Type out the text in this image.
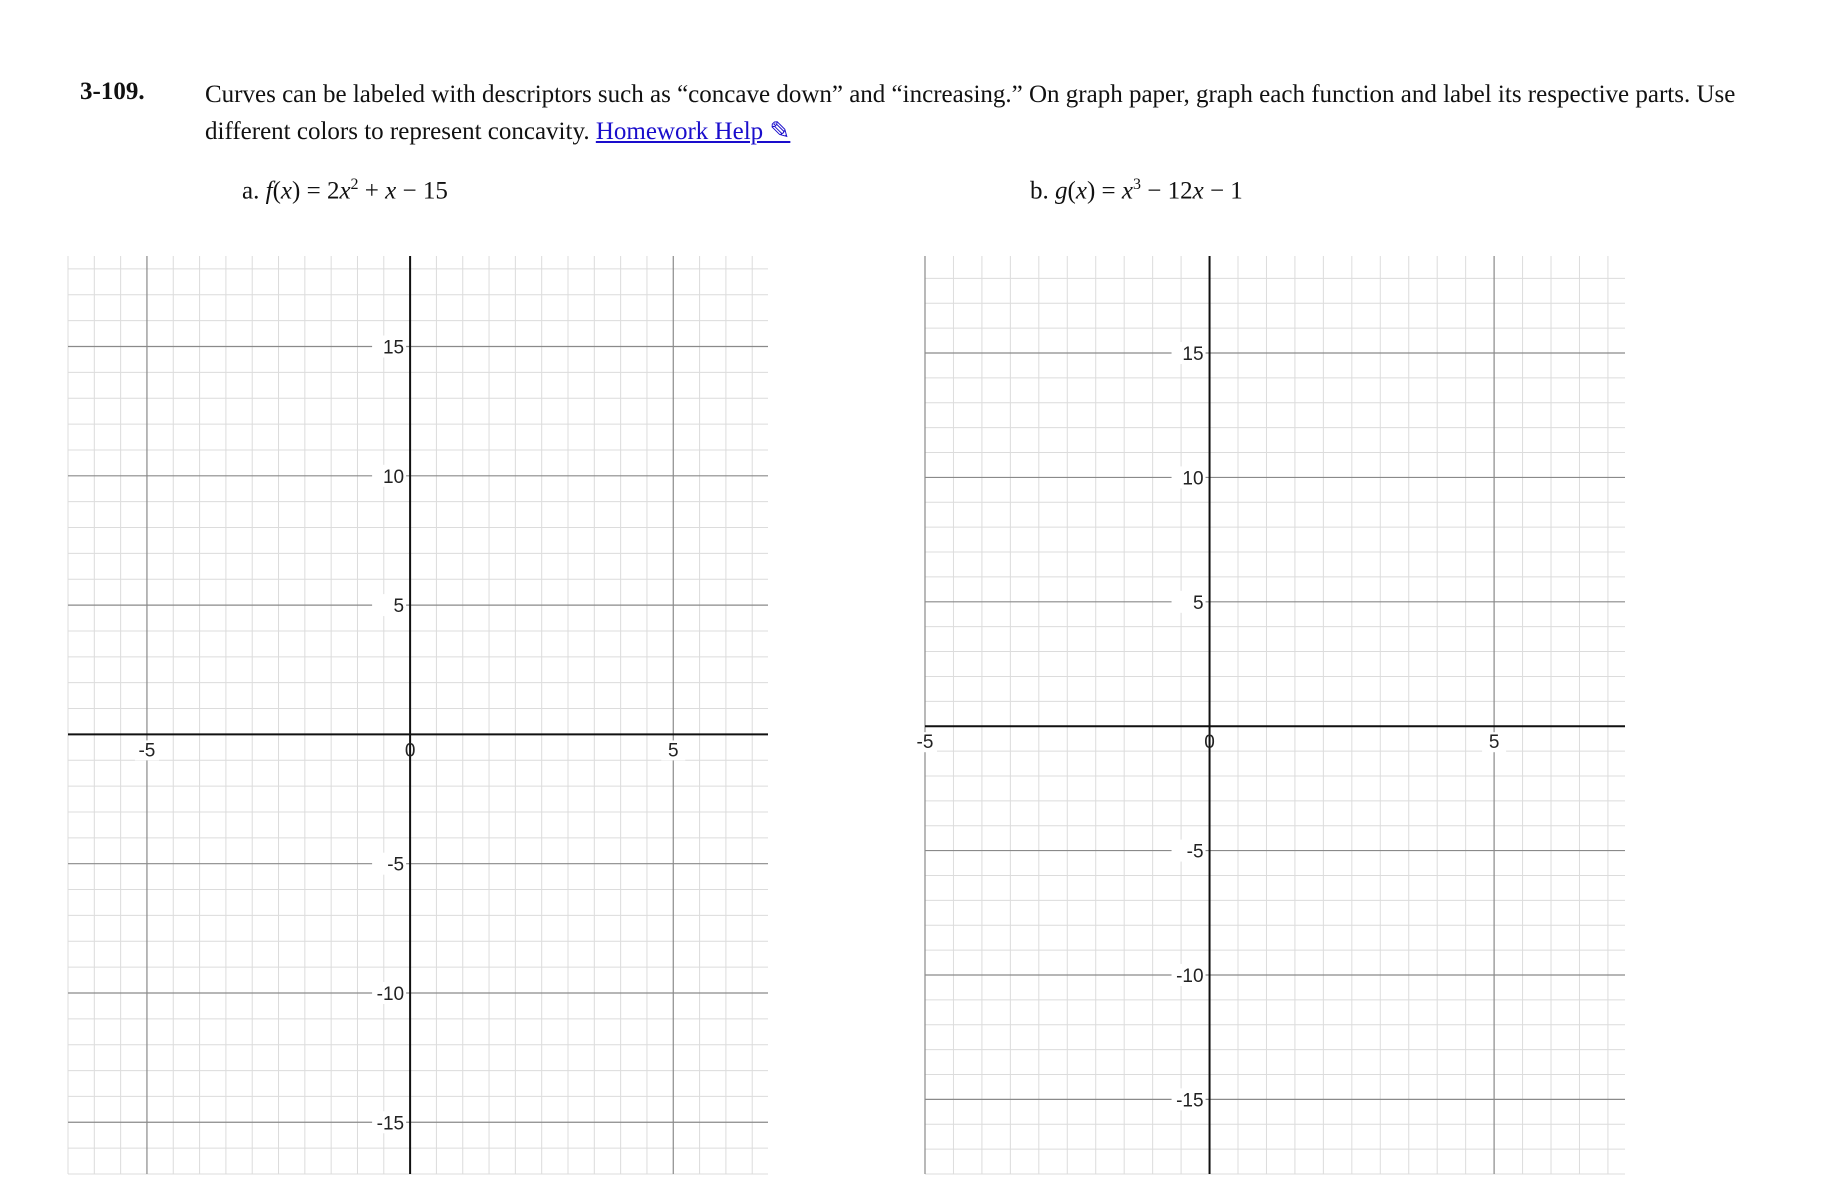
3-109. Curves can be labeled with descriptors such as “concave down” and “increasing.” On graph paper, graph each function and label its respective parts. Use different colors to represent concavity. Homework Help ✎
a. $f(x) = 2x^2 + x - 15$	b. $g(x) = x^3 - 12x - 1$
-5	0	5
15
10
5
-5
-10
-15
-5	0	5
15
10
5
-5
-10
-15
